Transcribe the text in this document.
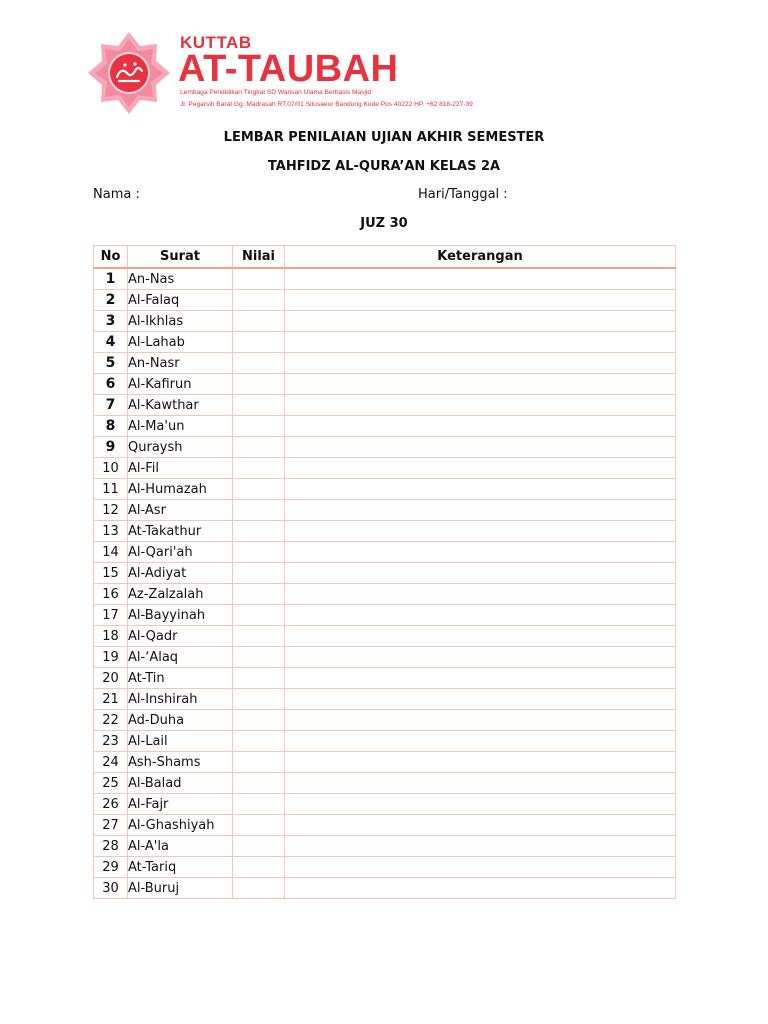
KUTTAB
AT-TAUBAH
Lembaga Pendidikan Tingkat SD Warisan Ulama Berbasis Masjid
Jl. Pegarsih Barat Gg. Madrasah RT.07/01 Situsaeur Bandung Kode Pos 40222 HP. +62 818-227-39
LEMBAR PENILAIAN UJIAN AKHIR SEMESTER
TAHFIDZ AL-QURA’AN KELAS 2A
Nama :	Hari/Tanggal :
JUZ 30
No	Surat	Nilai	Keterangan
1	An-Nas		
2	Al-Falaq		
3	Al-Ikhlas		
4	Al-Lahab		
5	An-Nasr		
6	Al-Kafirun		
7	Al-Kawthar		
8	Al-Ma'un		
9	Quraysh		
10	Al-Fil		
11	Al-Humazah		
12	Al-Asr		
13	At-Takathur		
14	Al-Qari'ah		
15	Al-Adiyat		
16	Az-Zalzalah		
17	Al-Bayyinah		
18	Al-Qadr		
19	Al-‘Alaq		
20	At-Tin		
21	Al-Inshirah		
22	Ad-Duha		
23	Al-Lail		
24	Ash-Shams		
25	Al-Balad		
26	Al-Fajr		
27	Al-Ghashiyah		
28	Al-A'la		
29	At-Tariq		
30	Al-Buruj		
